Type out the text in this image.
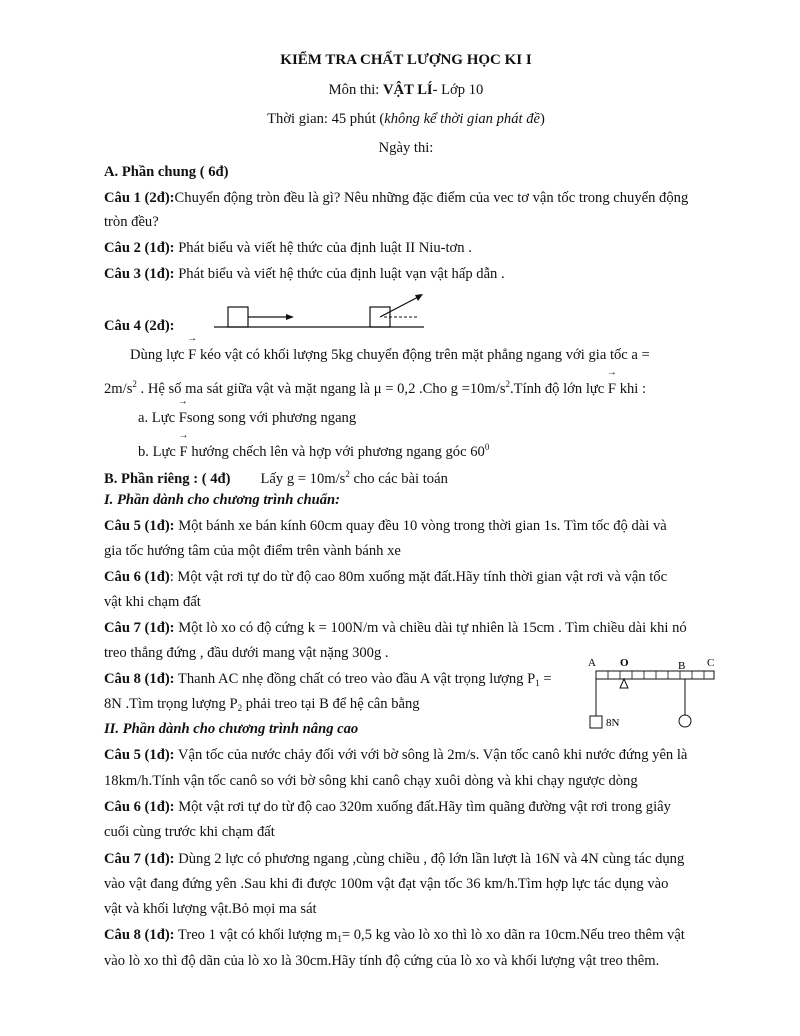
KIỂM TRA CHẤT LƯỢNG HỌC KI I
Môn thi: VẬT LÍ- Lớp 10
Thời gian: 45 phút (không kể thời gian phát đề)
Ngày thi:
A. Phần chung ( 6đ)
Câu 1 (2đ):Chuyển động tròn đều là gì? Nêu những đặc điểm của vec tơ vận tốc trong chuyển động
tròn đều?
Câu 2 (1đ): Phát biểu và viết hệ thức của định luật II Niu-tơn .
Câu 3 (1đ): Phát biểu và viết hệ thức của định luật vạn vật hấp dẫn .
Câu 4 (2đ):
Dùng lực → F kéo vật có khối lượng 5kg chuyển động trên mặt phẳng ngang với gia tốc a =
$2m/s^2$ . Hệ số ma sát giữa vật và mặt ngang là μ = 0,2 .Cho $g =10m/s^2.Tính$ độ lớn lực → F khi :
a. Lực → Fsong song với phương ngang
b. Lực → F hướng chếch lên và hợp với phương ngang góc $60^0$
B. Phần riêng : ( 4đ) Lấy $g = 10m/s^2$ cho các bài toán
I. Phần dành cho chương trình chuẩn:
Câu 5 (1đ): Một bánh xe bán kính 60cm quay đều 10 vòng trong thời gian 1s. Tìm tốc độ dài và
gia tốc hướng tâm của một điểm trên vành bánh xe
Câu 6 (1đ): Một vật rơi tự do từ độ cao 80m xuống mặt đất.Hãy tính thời gian vật rơi và vận tốc
vật khi chạm đất
Câu 7 (1đ): Một lò xo có độ cứng k = 100N/m và chiều dài tự nhiên là 15cm . Tìm chiều dài khi nó
treo thẳng đứng , đầu dưới mang vật nặng 300g .
Câu 8 (1đ): Thanh AC nhẹ đồng chất có treo vào đầu A vật trọng lượng $P_1$ =
8N .Tìm trọng lượng $P_2$ phải treo tại B để hệ cân bằng
A O	B C
8N
II. Phần dành cho chương trình nâng cao
Câu 5 (1đ): Vận tốc của nước chảy đối với với bờ sông là 2m/s. Vận tốc canô khi nước đứng yên là
18km/h.Tính vận tốc canô so với bờ sông khi canô chạy xuôi dòng và khi chạy ngược dòng
Câu 6 (1đ): Một vật rơi tự do từ độ cao 320m xuống đất.Hãy tìm quãng đường vật rơi trong giây
cuối cùng trước khi chạm đất
Câu 7 (1đ): Dùng 2 lực có phương ngang ,cùng chiều , độ lớn lần lượt là 16N và 4N cùng tác dụng
vào vật đang đứng yên .Sau khi đi được 100m vật đạt vận tốc 36 km/h.Tìm hợp lực tác dụng vào
vật và khối lượng vật.Bỏ mọi ma sát
Câu 8 (1đ): Treo 1 vật có khối lượng $m_1= 0,5$ kg vào lò xo thì lò xo dãn ra 10cm.Nếu treo thêm vật
vào lò xo thì độ dãn của lò xo là 30cm.Hãy tính độ cứng của lò xo và khối lượng vật treo thêm.
